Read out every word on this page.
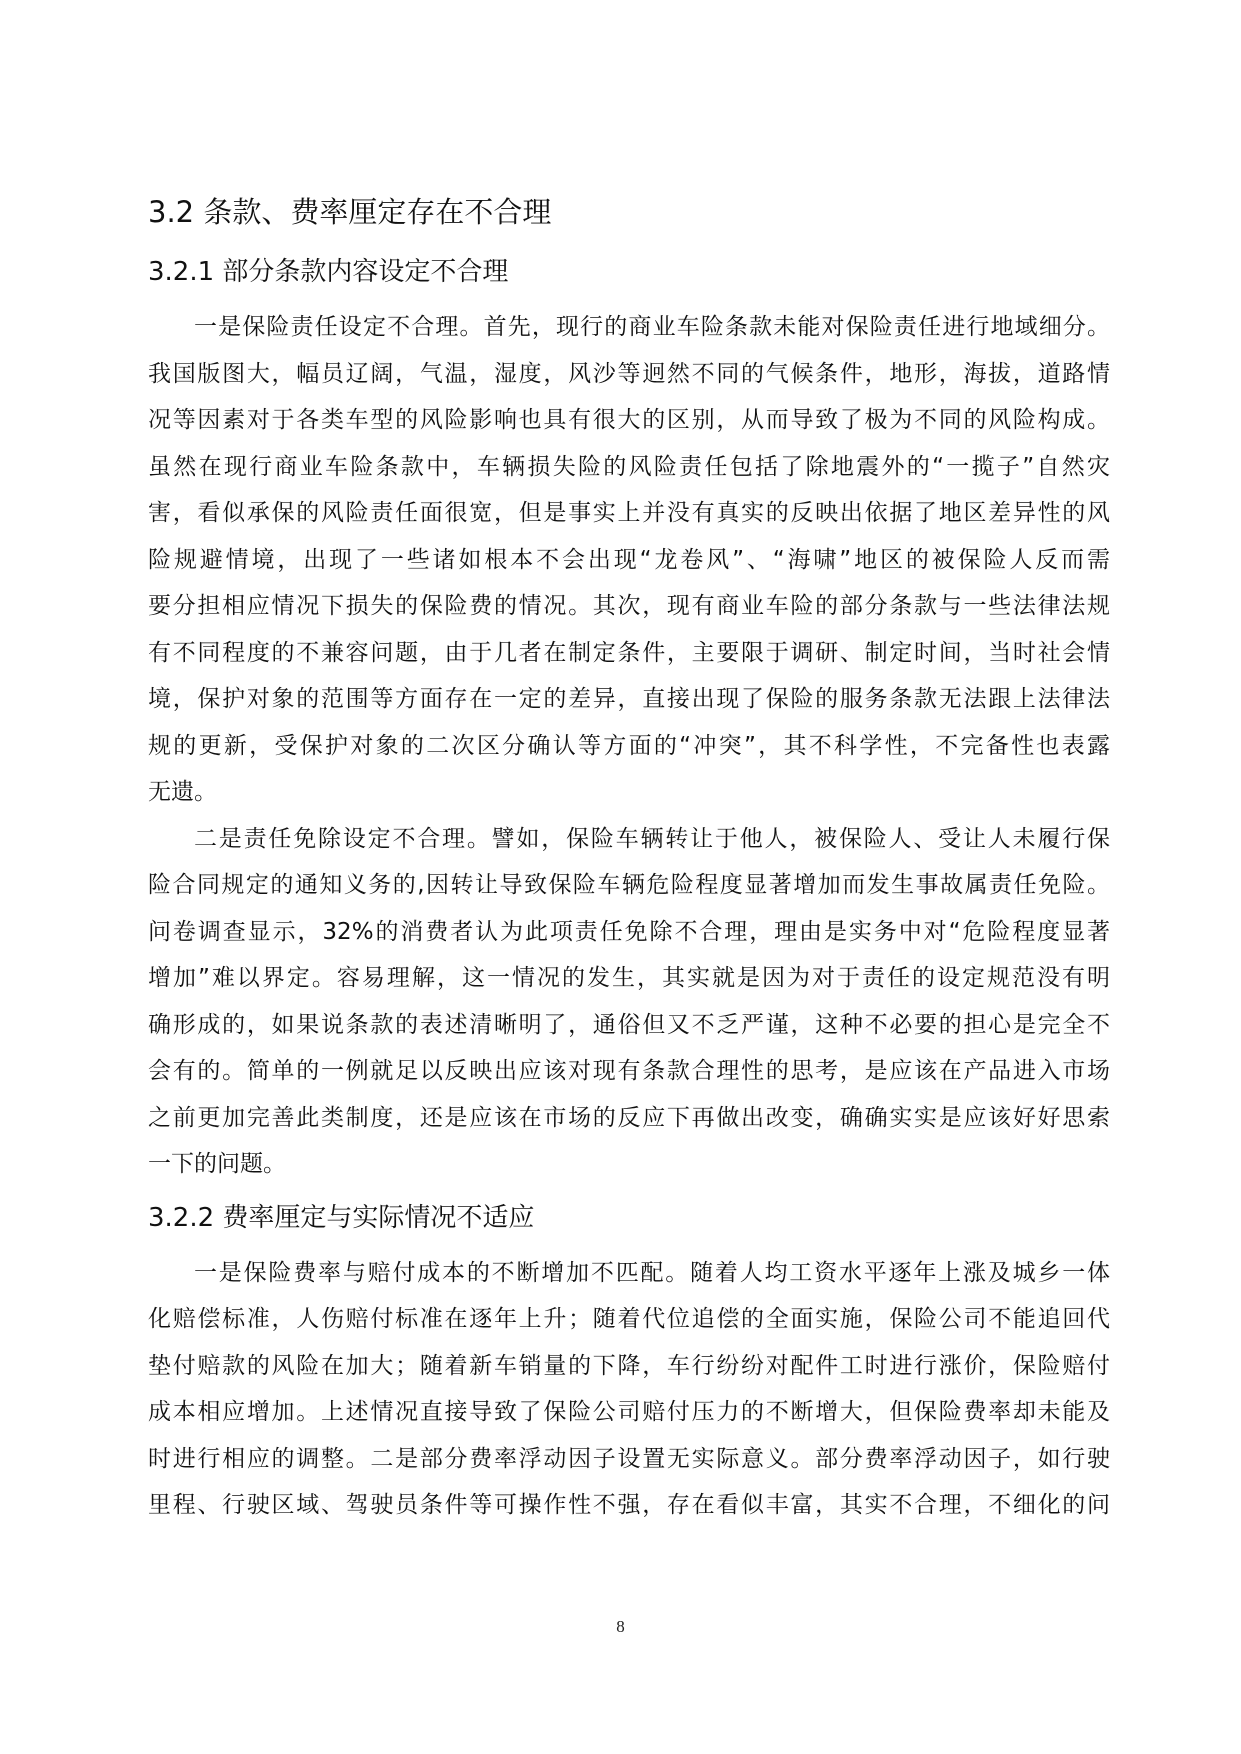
3.2 条款、费率厘定存在不合理
3.2.1 部分条款内容设定不合理
一是保险责任设定不合理。首先，现行的商业车险条款未能对保险责任进行地域细分。
我国版图大，幅员辽阔，气温，湿度，风沙等迥然不同的气候条件，地形，海拔，道路情
况等因素对于各类车型的风险影响也具有很大的区别，从而导致了极为不同的风险构成。
虽然在现行商业车险条款中，车辆损失险的风险责任包括了除地震外的“一揽子”自然灾
害，看似承保的风险责任面很宽，但是事实上并没有真实的反映出依据了地区差异性的风
险规避情境，出现了一些诸如根本不会出现“龙卷风”、“海啸”地区的被保险人反而需
要分担相应情况下损失的保险费的情况。其次，现有商业车险的部分条款与一些法律法规
有不同程度的不兼容问题，由于几者在制定条件，主要限于调研、制定时间，当时社会情
境，保护对象的范围等方面存在一定的差异，直接出现了保险的服务条款无法跟上法律法
规的更新，受保护对象的二次区分确认等方面的“冲突”，其不科学性，不完备性也表露
无遗。
二是责任免除设定不合理。譬如，保险车辆转让于他人，被保险人、受让人未履行保
险合同规定的通知义务的,因转让导致保险车辆危险程度显著增加而发生事故属责任免险。
问卷调查显示，32%的消费者认为此项责任免除不合理，理由是实务中对“危险程度显著
增加”难以界定。容易理解，这一情况的发生，其实就是因为对于责任的设定规范没有明
确形成的，如果说条款的表述清晰明了，通俗但又不乏严谨，这种不必要的担心是完全不
会有的。简单的一例就足以反映出应该对现有条款合理性的思考，是应该在产品进入市场
之前更加完善此类制度，还是应该在市场的反应下再做出改变，确确实实是应该好好思索
一下的问题。
3.2.2 费率厘定与实际情况不适应
一是保险费率与赔付成本的不断增加不匹配。随着人均工资水平逐年上涨及城乡一体
化赔偿标准，人伤赔付标准在逐年上升；随着代位追偿的全面实施，保险公司不能追回代
垫付赔款的风险在加大；随着新车销量的下降，车行纷纷对配件工时进行涨价，保险赔付
成本相应增加。上述情况直接导致了保险公司赔付压力的不断增大，但保险费率却未能及
时进行相应的调整。二是部分费率浮动因子设置无实际意义。部分费率浮动因子，如行驶
里程、行驶区域、驾驶员条件等可操作性不强，存在看似丰富，其实不合理，不细化的问
8
